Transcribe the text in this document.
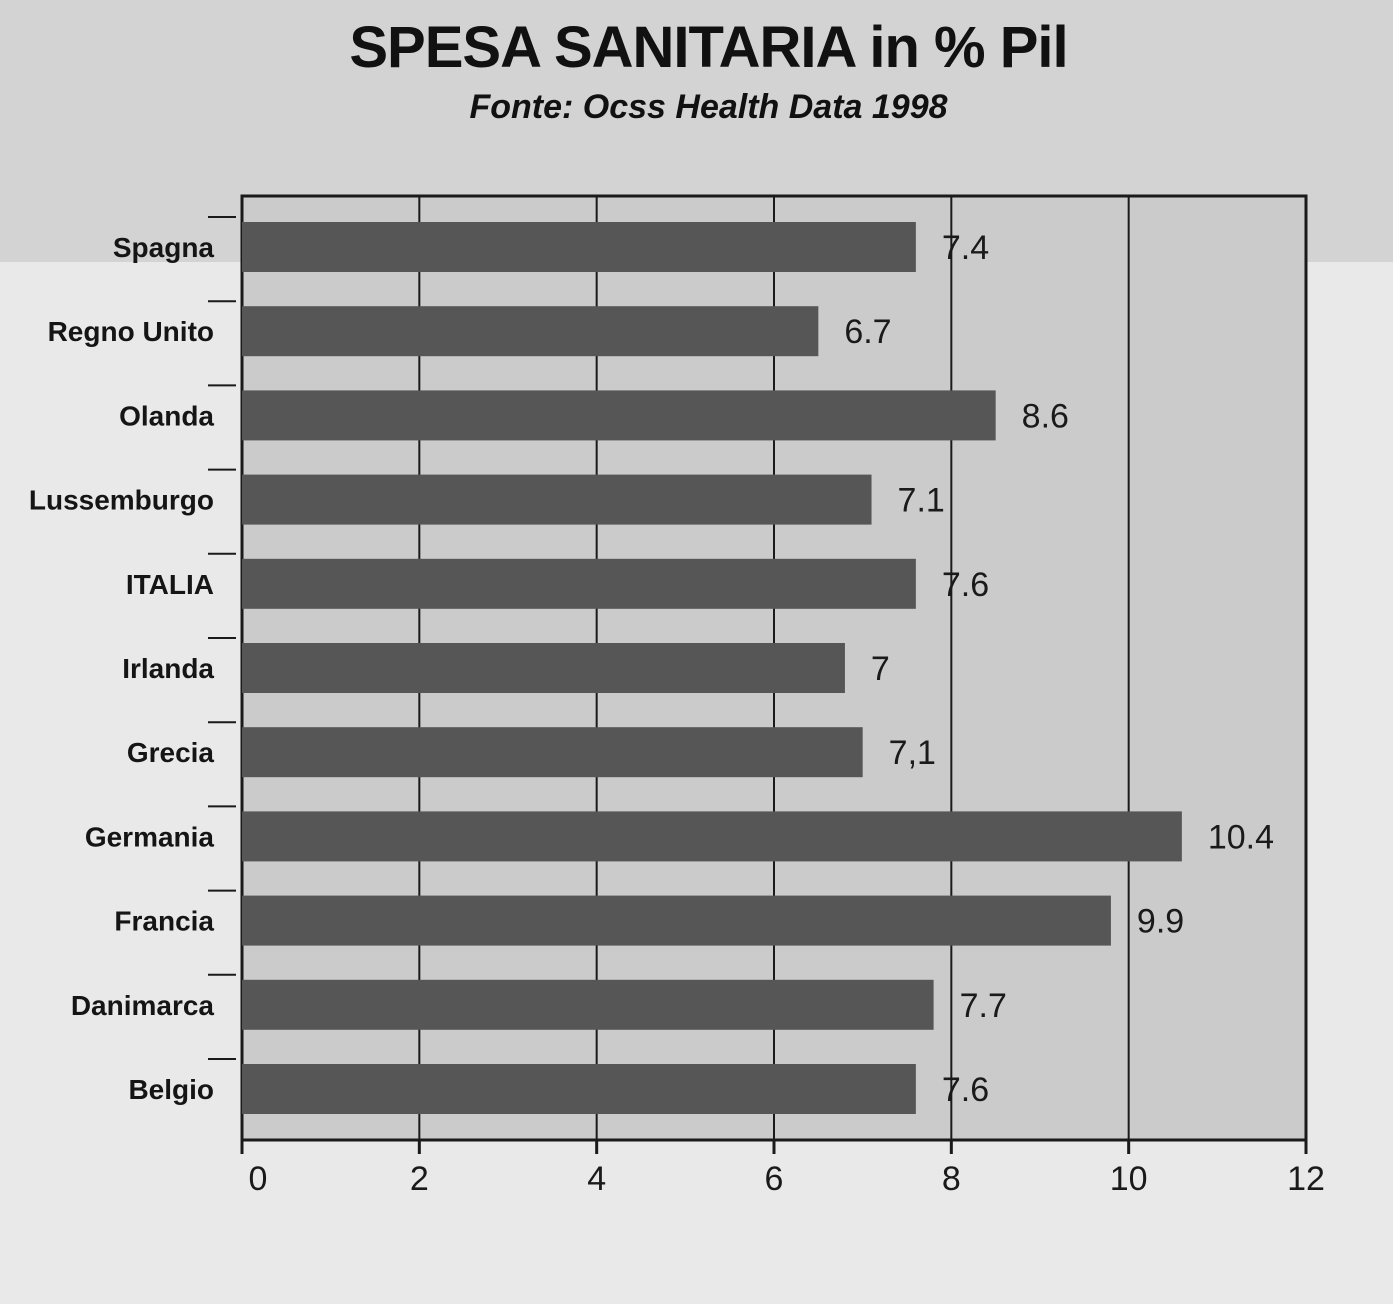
SPESA SANITARIA in % Pil
Fonte: Ocss Health Data 1998
Spagna	7.4
Regno Unito	6.7
Olanda	8.6
Lussemburgo	7.1
ITALIA	7.6
Irlanda	7
Grecia	7,1
Germania	10.4
Francia	9.9
Danimarca	7.7
Belgio	7.6
0	2	4	6	8	10	12
